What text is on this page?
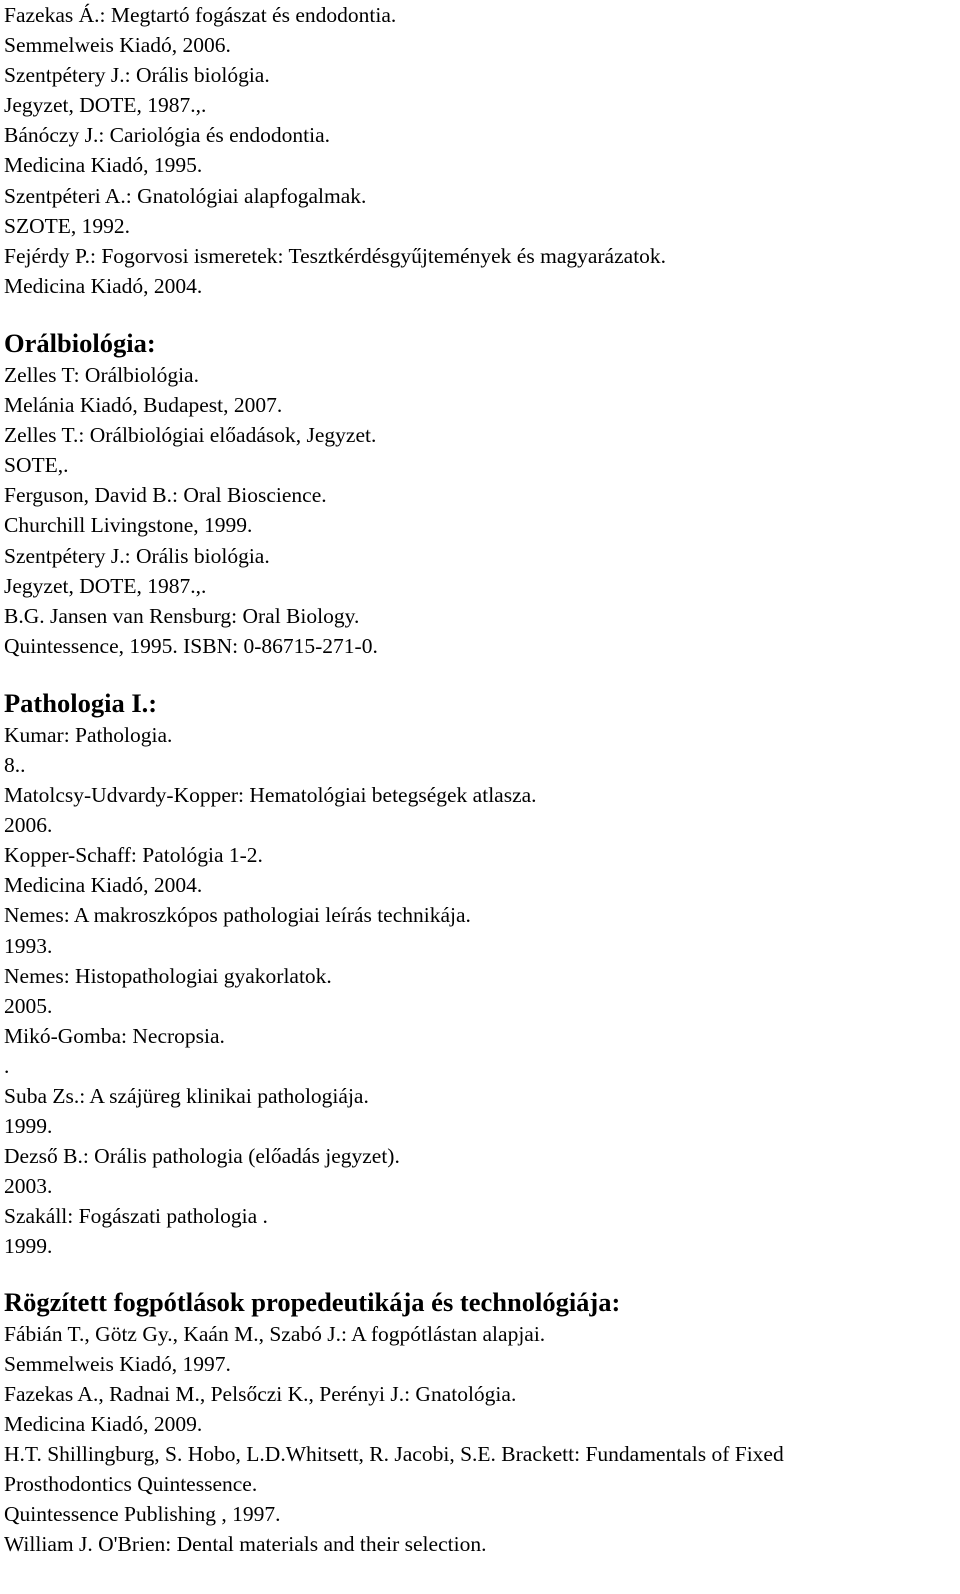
Fazekas Á.: Megtartó fogászat és endodontia.

Semmelweis Kiadó, 2006.

Szentpétery J.: Orális biológia.

Jegyzet, DOTE, 1987.,.

Bánóczy J.: Cariológia és endodontia.

Medicina Kiadó, 1995.

Szentpéteri A.: Gnatológiai alapfogalmak.

SZOTE, 1992.

Fejérdy P.: Fogorvosi ismeretek: Tesztkérdésgyűjtemények és magyarázatok.

Medicina Kiadó, 2004.

Orálbiológia:

Zelles T: Orálbiológia.

Melánia Kiadó, Budapest, 2007.

Zelles T.: Orálbiológiai előadások, Jegyzet.

SOTE,.

Ferguson, David B.: Oral Bioscience.

Churchill Livingstone, 1999.

Szentpétery J.: Orális biológia.

Jegyzet, DOTE, 1987.,.

B.G. Jansen van Rensburg: Oral Biology.

Quintessence, 1995. ISBN: 0-86715-271-0.

Pathologia I.:

Kumar: Pathologia.

8..

Matolcsy-Udvardy-Kopper: Hematológiai betegségek atlasza.

2006.

Kopper-Schaff: Patológia 1-2.

Medicina Kiadó, 2004.

Nemes: A makroszkópos pathologiai leírás technikája.

1993.

Nemes: Histopathologiai gyakorlatok.

2005.

Mikó-Gomba: Necropsia.

.

Suba Zs.: A szájüreg klinikai pathologiája.

1999.

Dezső B.: Orális pathologia (előadás jegyzet).

2003.

Szakáll: Fogászati pathologia .

1999.

Rögzített fogpótlások propedeutikája és technológiája:

Fábián T., Götz Gy., Kaán M., Szabó J.: A fogpótlástan alapjai.

Semmelweis Kiadó, 1997.

Fazekas A., Radnai M., Pelsőczi K., Perényi J.: Gnatológia.

Medicina Kiadó, 2009.

H.T. Shillingburg, S. Hobo, L.D.Whitsett, R. Jacobi, S.E. Brackett: Fundamentals of Fixed

Prosthodontics Quintessence.

Quintessence Publishing , 1997.

William J. O'Brien: Dental materials and their selection.
